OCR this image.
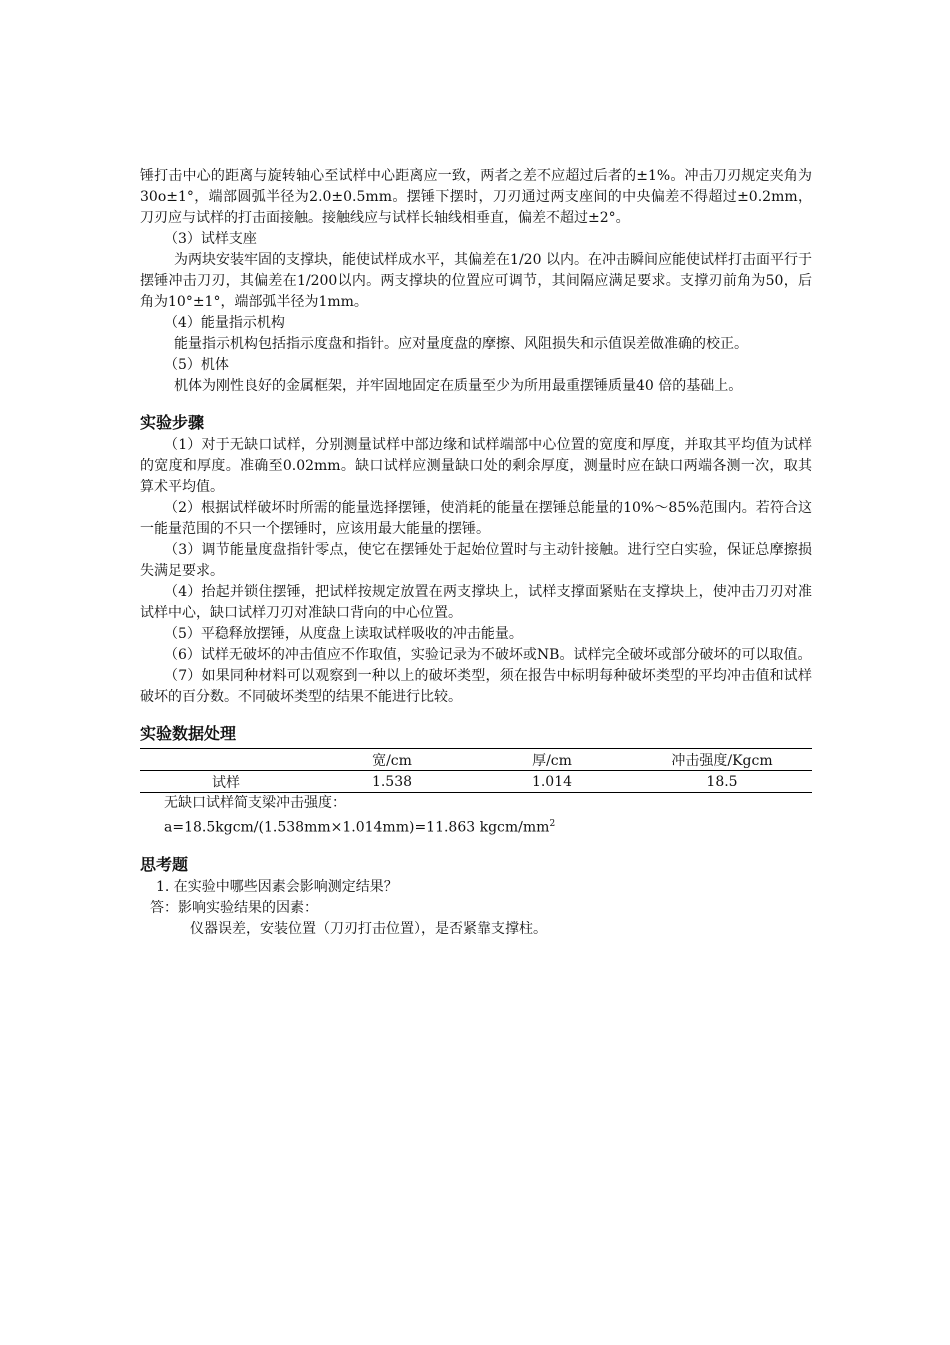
锤打击中心的距离与旋转轴心至试样中心距离应一致，两者之差不应超过后者的±1%。冲击刀刃规定夹角为30o±1°，端部圆弧半径为2.0±0.5mm。摆锤下摆时，刀刃通过两支座间的中央偏差不得超过±0.2mm，刀刃应与试样的打击面接触。接触线应与试样长轴线相垂直，偏差不超过±2°。

（3）试样支座

为两块安装牢固的支撑块，能使试样成水平，其偏差在1/20 以内。在冲击瞬间应能使试样打击面平行于摆锤冲击刀刃，其偏差在1/200以内。两支撑块的位置应可调节，其间隔应满足要求。支撑刃前角为50，后角为10°±1°，端部弧半径为1mm。

（4）能量指示机构

能量指示机构包括指示度盘和指针。应对量度盘的摩擦、风阻损失和示值误差做准确的校正。

（5）机体

机体为刚性良好的金属框架，并牢固地固定在质量至少为所用最重摆锤质量40 倍的基础上。

实验步骤

（1）对于无缺口试样，分别测量试样中部边缘和试样端部中心位置的宽度和厚度，并取其平均值为试样的宽度和厚度。准确至0.02mm。缺口试样应测量缺口处的剩余厚度，测量时应在缺口两端各测一次，取其算术平均值。

（2）根据试样破坏时所需的能量选择摆锤，使消耗的能量在摆锤总能量的10%～85%范围内。若符合这一能量范围的不只一个摆锤时，应该用最大能量的摆锤。

（3）调节能量度盘指针零点，使它在摆锤处于起始位置时与主动针接触。进行空白实验，保证总摩擦损失满足要求。

（4）抬起并锁住摆锤，把试样按规定放置在两支撑块上，试样支撑面紧贴在支撑块上，使冲击刀刃对准试样中心，缺口试样刀刃对准缺口背向的中心位置。

（5）平稳释放摆锤，从度盘上读取试样吸收的冲击能量。

（6）试样无破坏的冲击值应不作取值，实验记录为不破坏或NB。试样完全破坏或部分破坏的可以取值。

（7）如果同种材料可以观察到一种以上的破坏类型，须在报告中标明每种破坏类型的平均冲击值和试样破坏的百分数。不同破坏类型的结果不能进行比较。

实验数据处理
	宽/cm	厚/cm	冲击强度/Kgcm
试样	1.538	1.014	18.5

无缺口试样简支梁冲击强度：

a=18.5kgcm/(1.538mm×1.014mm)=11.863 kgcm/$mm^2$

思考题

1. 在实验中哪些因素会影响测定结果？

答：影响实验结果的因素：

仪器误差，安装位置（刀刃打击位置），是否紧靠支撑柱。
